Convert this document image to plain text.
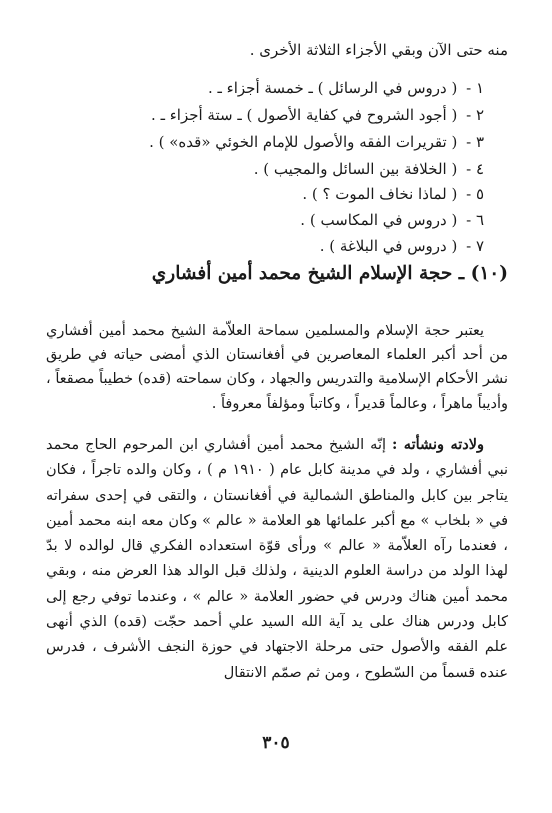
منه حتى الآن وبقي الأجزاء الثلاثة الأخرى .
١ - ( دروس في الرسائل ) ـ خمسة أجزاء ـ .
٢ - ( أجود الشروح في كفاية الأصول ) ـ ستة أجزاء ـ .
٣ - ( تقريرات الفقه والأصول للإمام الخوئي «قده» ) .
٤ - ( الخلافة بين السائل والمجيب ) .
٥ - ( لماذا نخاف الموت ؟ ) .
٦ - ( دروس في المكاسب ) .
٧ - ( دروس في البلاغة ) .
(١٠) ـ حجة الإسلام الشيخ محمد أمين أفشاري
يعتبر حجة الإسلام والمسلمين سماحة العلاّمة الشيخ محمد أمين أفشاري من أحد أكبر العلماء المعاصرين في أفغانستان الذي أمضى حياته في طريق نشر الأحكام الإسلامية والتدريس والجهاد ، وكان سماحته (قده) خطيباً مصقعاً ، وأديباً ماهراً ، وعالماً قديراً ، وكاتباً ومؤلفاً معروفاً .
ولادته ونشأته : إنّه الشيخ محمد أمين أفشاري ابن المرحوم الحاج محمد نبي أفشاري ، ولد في مدينة كابل عام ( ١٩١٠ م ) ، وكان والده تاجراً ، فكان يتاجر بين كابل والمناطق الشمالية في أفغانستان ، والتقى في إحدى سفراته في « بلخاب » مع أكبر علمائها هو العلامة « عالم » وكان معه ابنه محمد أمين ، فعندما رآه العلاّمة « عالم » ورأى قوّة استعداده الفكري قال لوالده لا بدّ لهذا الولد من دراسة العلوم الدينية ، ولذلك قبل الوالد هذا العرض منه ، وبقي محمد أمين هناك ودرس في حضور العلامة « عالم » ، وعندما توفي رجع إلى كابل ودرس هناك على يد آية الله السيد علي أحمد حجّت (قده) الذي أنهى علم الفقه والأصول حتى مرحلة الاجتهاد في حوزة النجف الأشرف ، فدرس عنده قسماً من السّطوح ، ومن ثم صمّم الانتقال
٣٠٥
